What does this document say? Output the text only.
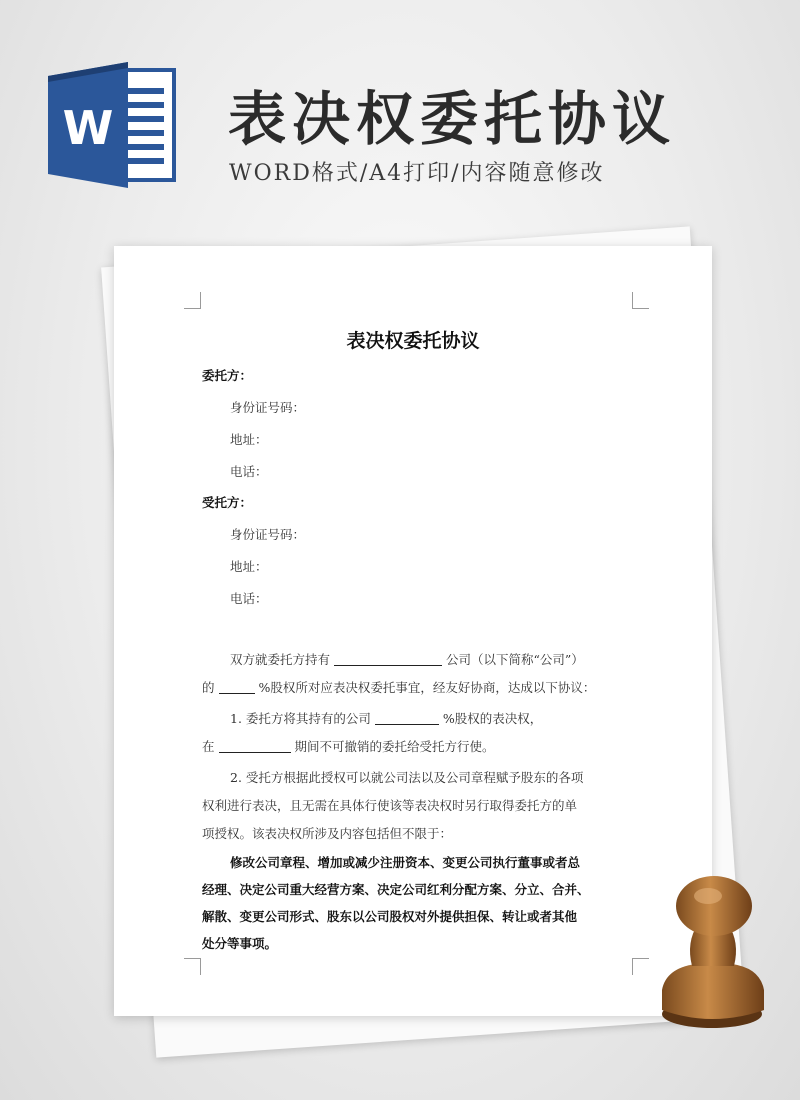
W 表决权委托协议
WORD格式/A4打印/内容随意修改
表决权委托协议
委托方：
身份证号码：
地址：
电话：
受托方：
身份证号码：
地址：
电话：
双方就委托方持有	公司（以下简称“公司”）
的	%股权所对应表决权委托事宜，经友好协商，达成以下协议：
1. 委托方将其持有的公司	%股权的表决权，
在	期间不可撤销的委托给受托方行使。
2. 受托方根据此授权可以就公司法以及公司章程赋予股东的各项
权利进行表决，且无需在具体行使该等表决权时另行取得委托方的单
项授权。该表决权所涉及内容包括但不限于：
修改公司章程、增加或减少注册资本、变更公司执行董事或者总
经理、决定公司重大经营方案、决定公司红利分配方案、分立、合并、
解散、变更公司形式、股东以公司股权对外提供担保、转让或者其他
处分等事项。
